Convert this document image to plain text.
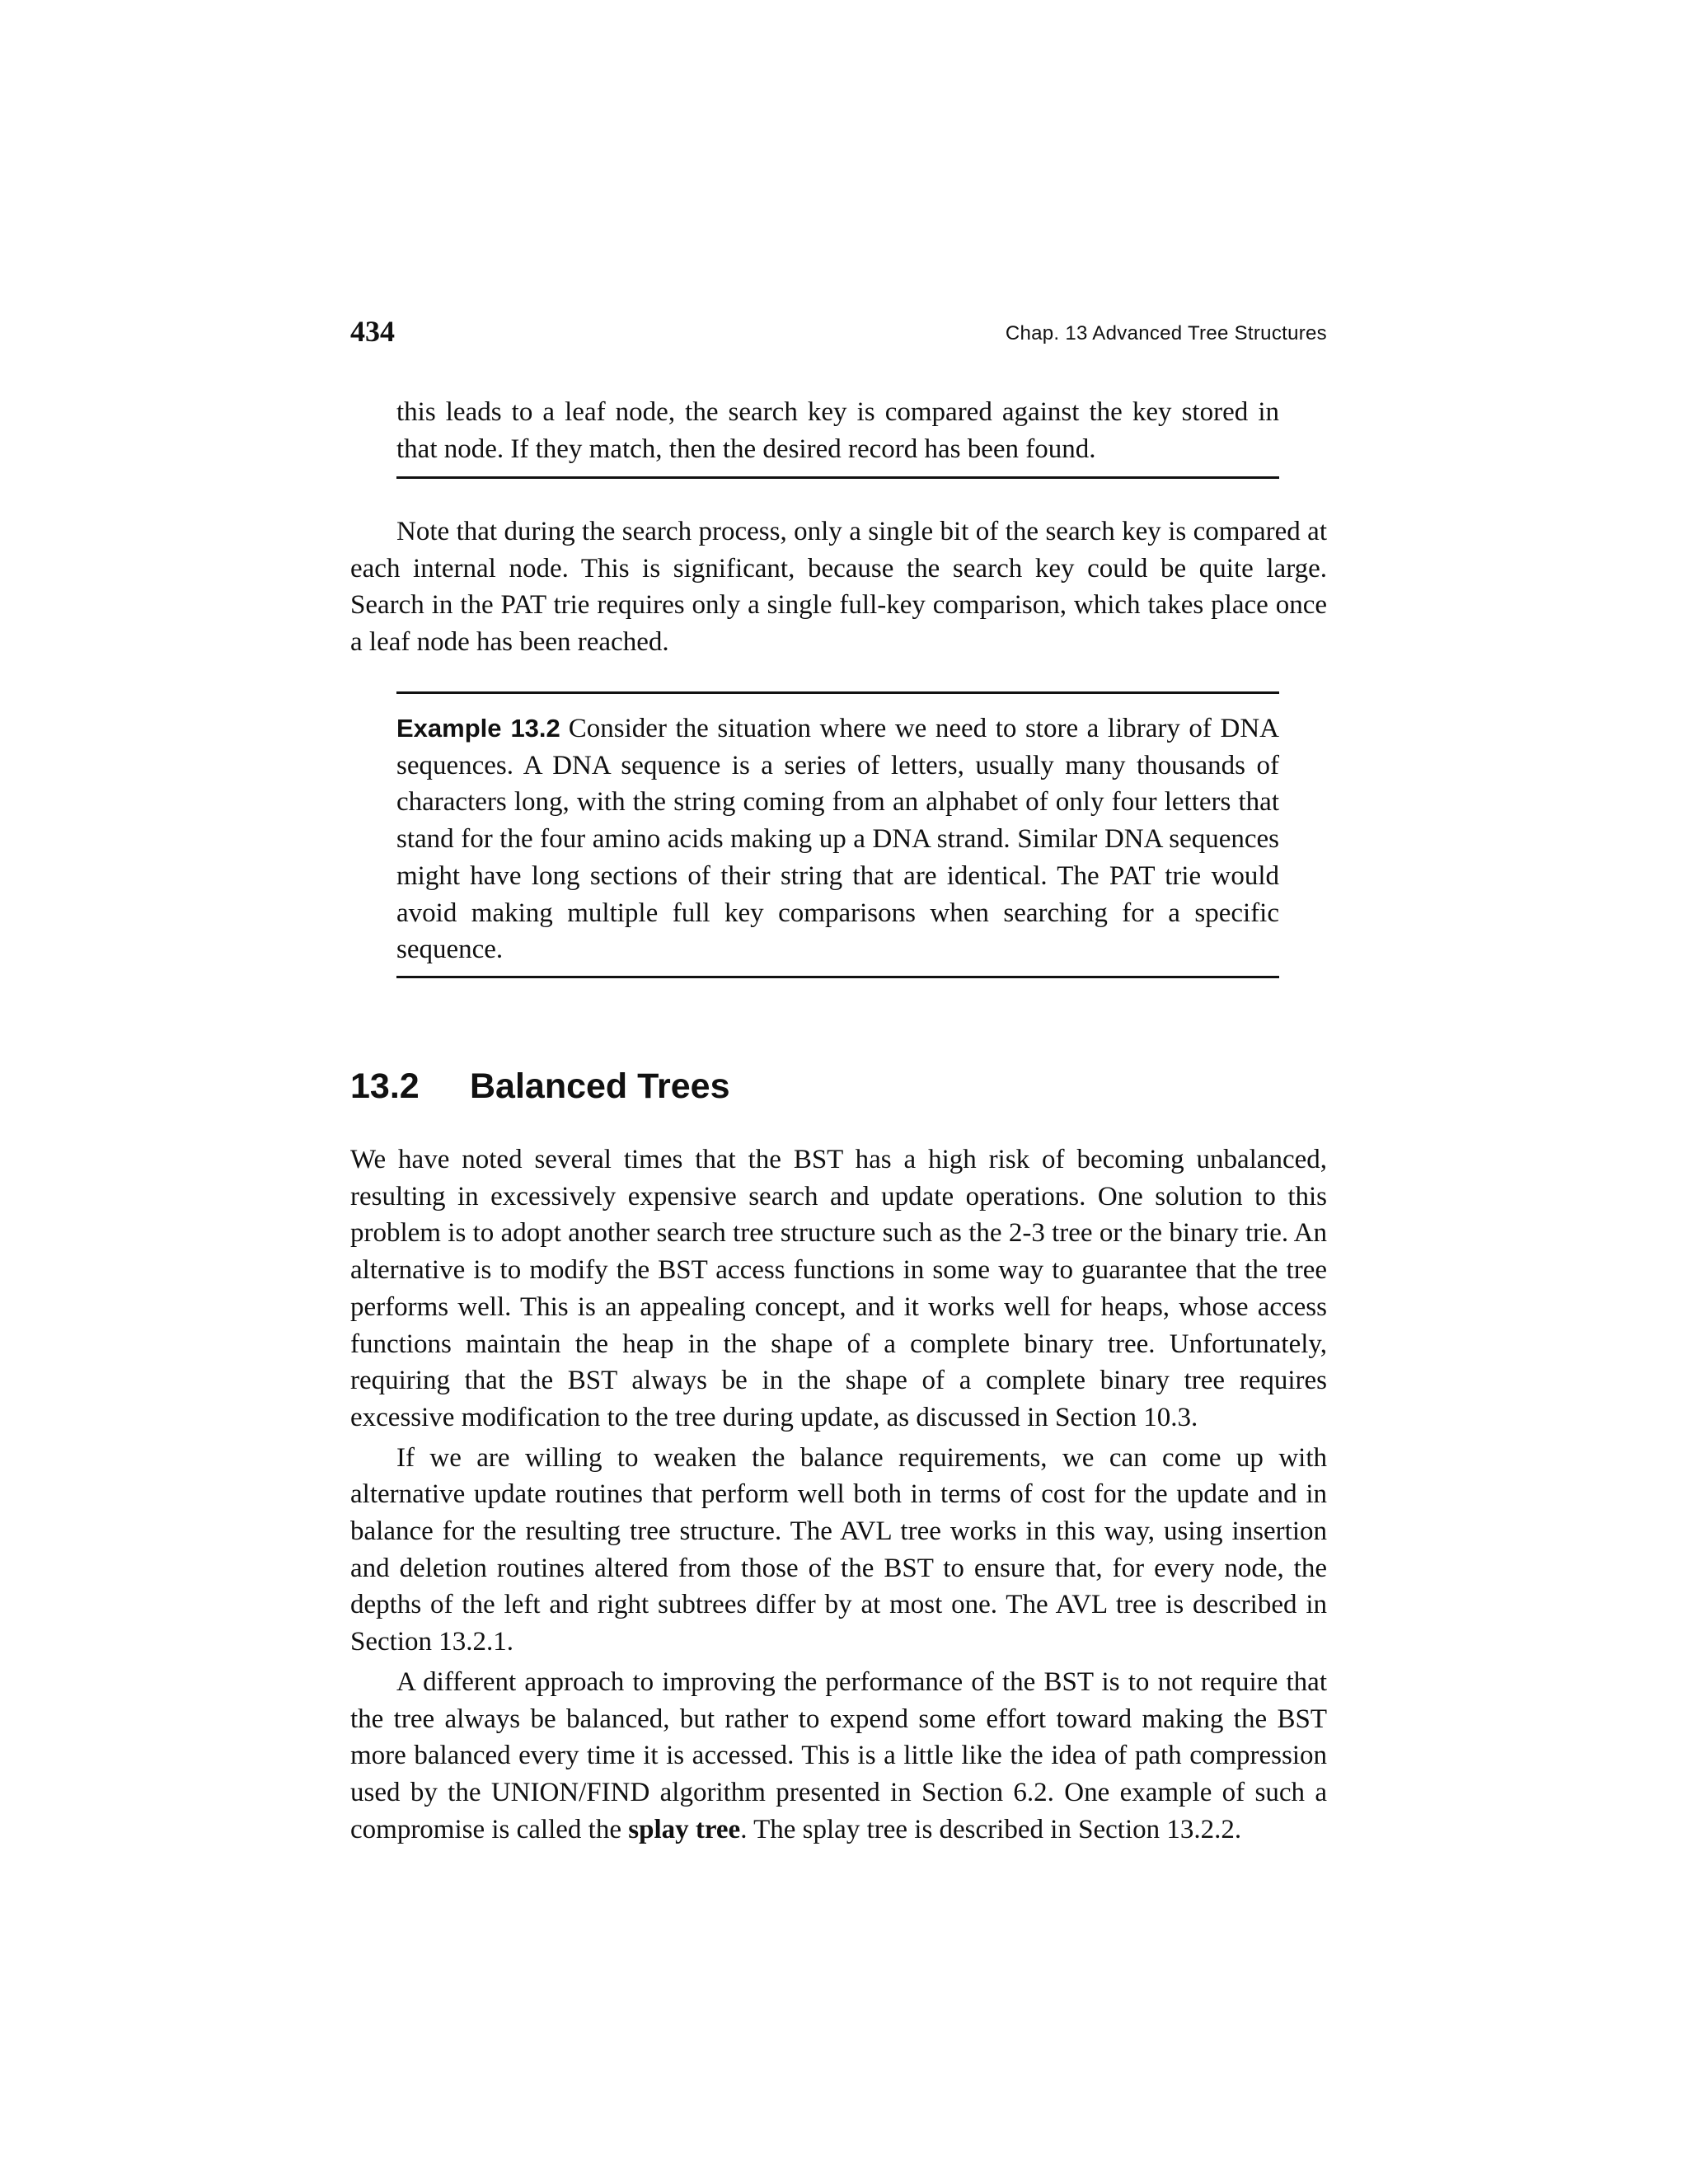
434	Chap. 13 Advanced Tree Structures

this leads to a leaf node, the search key is compared against the key stored in that node. If they match, then the desired record has been found.

Note that during the search process, only a single bit of the search key is compared at each internal node. This is significant, because the search key could be quite large. Search in the PAT trie requires only a single full-key comparison, which takes place once a leaf node has been reached.

Example 13.2 Consider the situation where we need to store a library of DNA sequences. A DNA sequence is a series of letters, usually many thousands of characters long, with the string coming from an alphabet of only four letters that stand for the four amino acids making up a DNA strand. Similar DNA sequences might have long sections of their string that are identical. The PAT trie would avoid making multiple full key comparisons when searching for a specific sequence.

13.2 Balanced Trees

We have noted several times that the BST has a high risk of becoming unbalanced, resulting in excessively expensive search and update operations. One solution to this problem is to adopt another search tree structure such as the 2-3 tree or the binary trie. An alternative is to modify the BST access functions in some way to guarantee that the tree performs well. This is an appealing concept, and it works well for heaps, whose access functions maintain the heap in the shape of a complete binary tree. Unfortunately, requiring that the BST always be in the shape of a complete binary tree requires excessive modification to the tree during update, as discussed in Section 10.3.

If we are willing to weaken the balance requirements, we can come up with alternative update routines that perform well both in terms of cost for the update and in balance for the resulting tree structure. The AVL tree works in this way, using insertion and deletion routines altered from those of the BST to ensure that, for every node, the depths of the left and right subtrees differ by at most one. The AVL tree is described in Section 13.2.1.

A different approach to improving the performance of the BST is to not require that the tree always be balanced, but rather to expend some effort toward making the BST more balanced every time it is accessed. This is a little like the idea of path compression used by the UNION/FIND algorithm presented in Section 6.2. One example of such a compromise is called the splay tree. The splay tree is described in Section 13.2.2.
